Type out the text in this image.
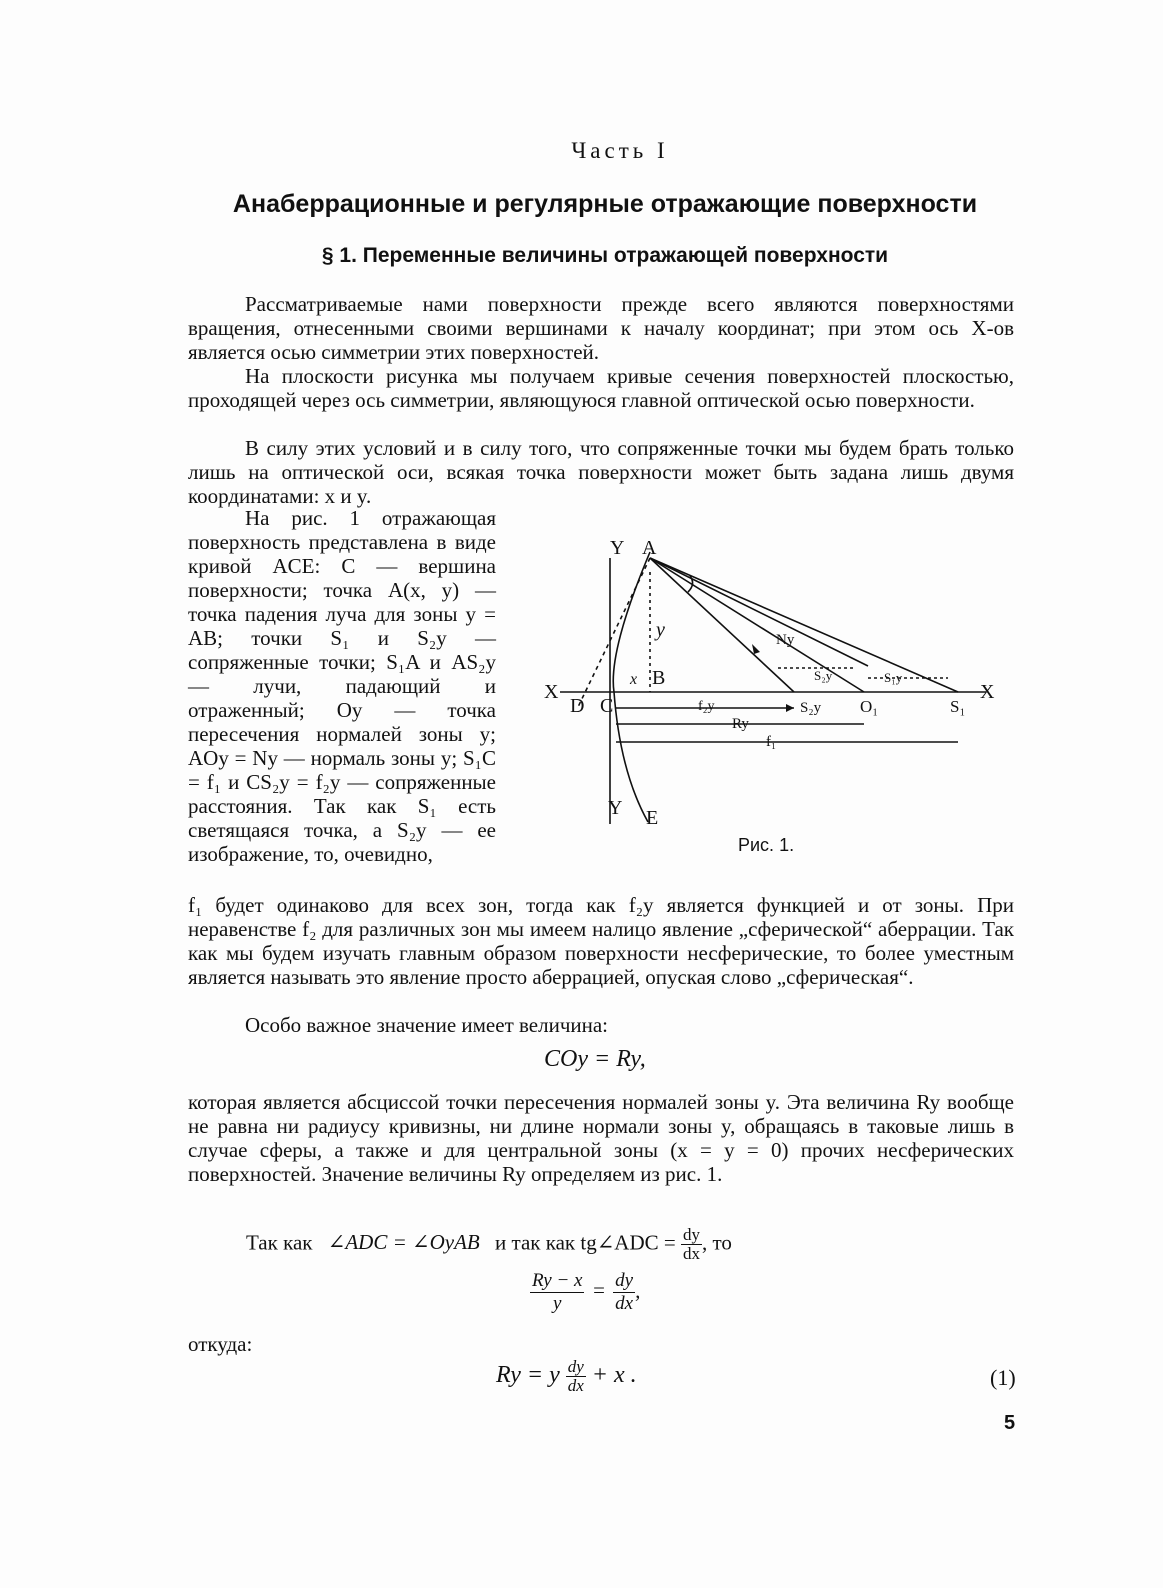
Часть I
Анаберрационные и регулярные отражающие поверхности
§ 1. Переменные величины отражающей поверхности
Рассматриваемые нами поверхности прежде всего являются поверхностями вращения, отнесенными своими вершинами к началу координат; при этом ось X-ов является осью симметрии этих поверхностей.
На плоскости рисунка мы получаем кривые сечения поверхностей плоскостью, проходящей через ось симметрии, являющуюся главной оптической осью поверхности.
В силу этих условий и в силу того, что сопряженные точки мы будем брать только лишь на оптической оси, всякая точка поверхности может быть задана лишь двумя координатами: x и y.
На рис. 1 отражающая поверхность представлена в виде кривой ACE: C — вершина поверхности; точка A(x, y) — точка падения луча для зоны y = AB; точки S₁ и S₂y — сопряженные точки; S₁A и AS₂y — лучи, падающий и отраженный; Oy — точка пересечения нормалей зоны y; AOy = Ny — нормаль зоны y; S₁C = f₁ и CS₂y = f₂y — сопряженные расстояния. Так как S₁ есть светящаяся точка, а S₂y — ее изображение, то, очевидно,
Y A
y
X
D C
x B
f₂y
Ry
f₁
S₂y O₁	S₁
X
Y E
Ny
S₂y	S₁y
Рис. 1.
f₁ будет одинаково для всех зон, тогда как f₂y является функцией и от зоны. При неравенстве f₂ для различных зон мы имеем налицо явление „сферической“ аберрации. Так как мы будем изучать главным образом поверхности несферические, то более уместным является называть это явление просто аберрацией, опуская слово „сферическая“.
Особо важное значение имеет величина:
COy = Ry,
которая является абсциссой точки пересечения нормалей зоны y. Эта величина Ry вообще не равна ни радиусу кривизны, ни длине нормали зоны y, обращаясь в таковые лишь в случае сферы, а также и для центральной зоны (x = y = 0) прочих несферических поверхностей. Значение величины Ry определяем из рис. 1.
Так как ∠ADC = ∠OyAB и так как tg∠ADC = $\frac{dy}{dx}$ , то
$\frac{Ry - x}{y} = \frac{dy}{dx}$ ,
откуда:
Ry = y $\frac{dy}{dx} + x$ .	(1)
5
